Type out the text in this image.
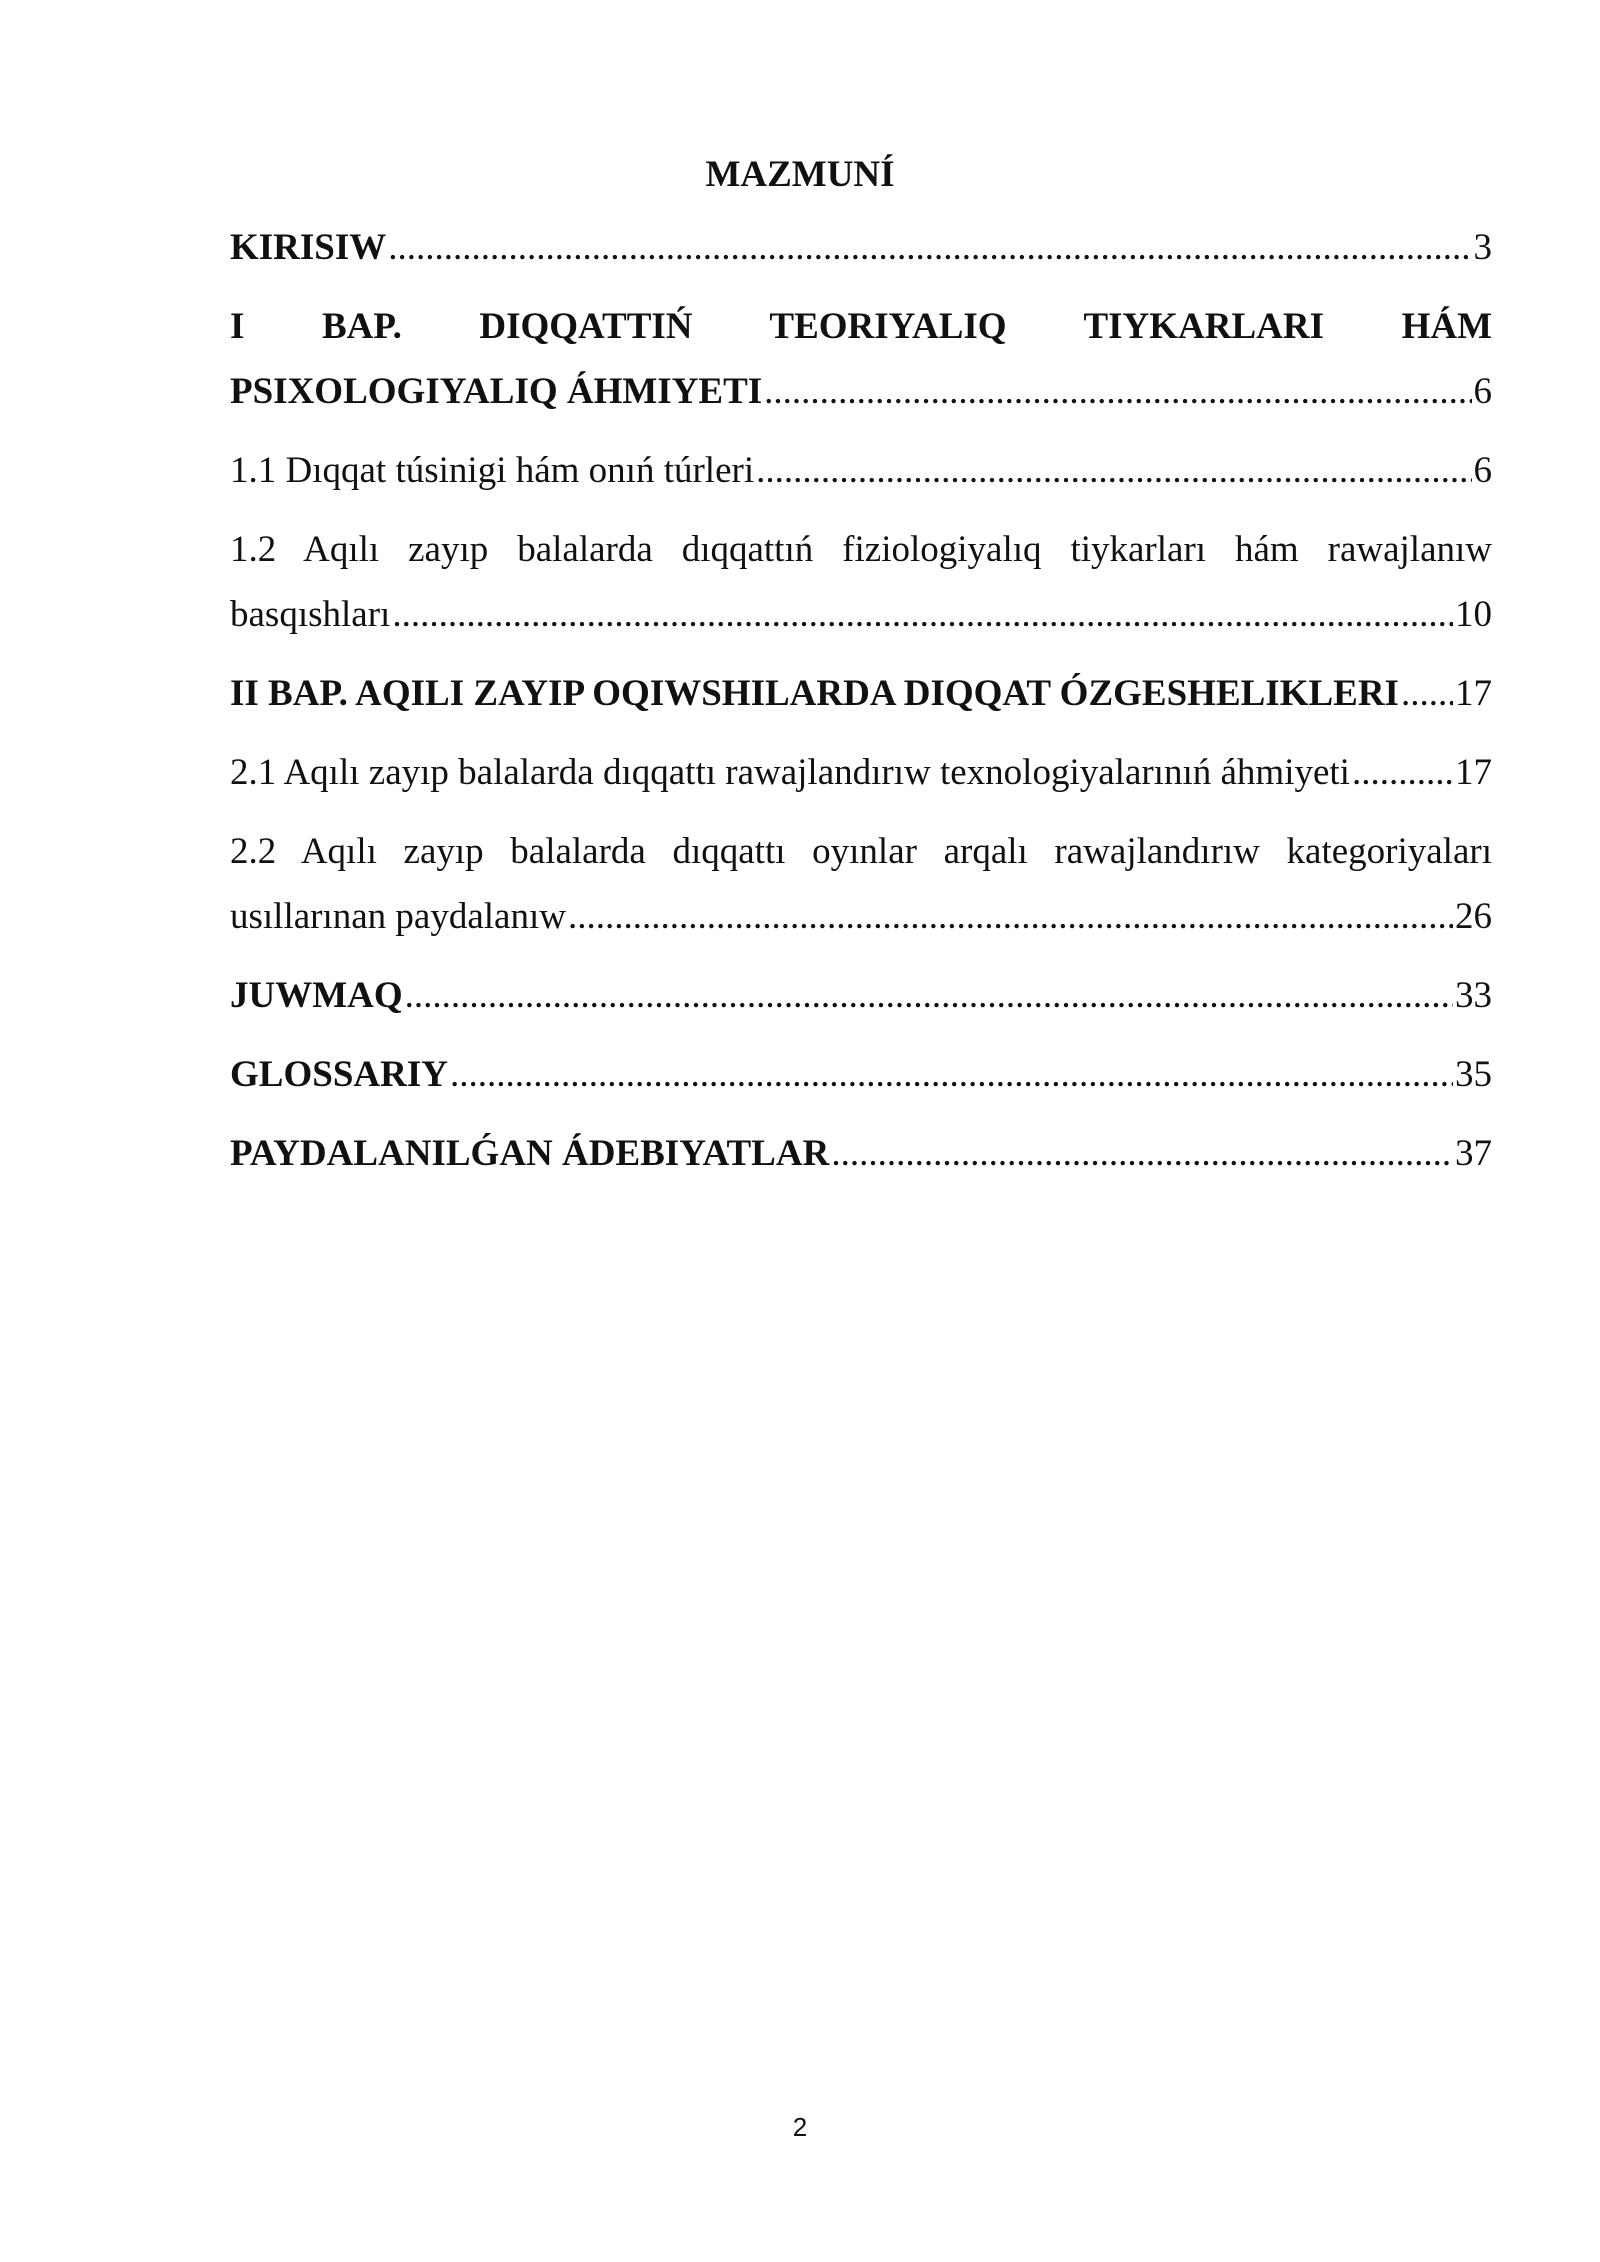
MAZMUNÍ
KIRISIW .....	3
I BAP. DIQQATTIŃ TEORIYALIQ TIYKARLARI HÁM
PSIXOLOGIYALIQ ÁHMIYETI .....	6
1.1 Dıqqat túsinigi hám onıń túrleri .....	6
1.2 Aqılı zayıp balalarda dıqqattıń fiziologiyalıq tiykarları hám rawajlanıw
basqıshları .....	10
II BAP. AQILI ZAYIP OQIWSHILARDA DIQQAT ÓZGESHELIKLERI ..... 17
2.1 Aqılı zayıp balalarda dıqqattı rawajlandırıw texnologiyalarınıń áhmiyeti .....	17
2.2 Aqılı zayıp balalarda dıqqattı oyınlar arqalı rawajlandırıw kategoriyaları
usıllarınan paydalanıw .....	26
JUWMAQ .....	33
GLOSSARIY .....	35
PAYDALANILǴAN ÁDEBIYATLAR .....	37
2
